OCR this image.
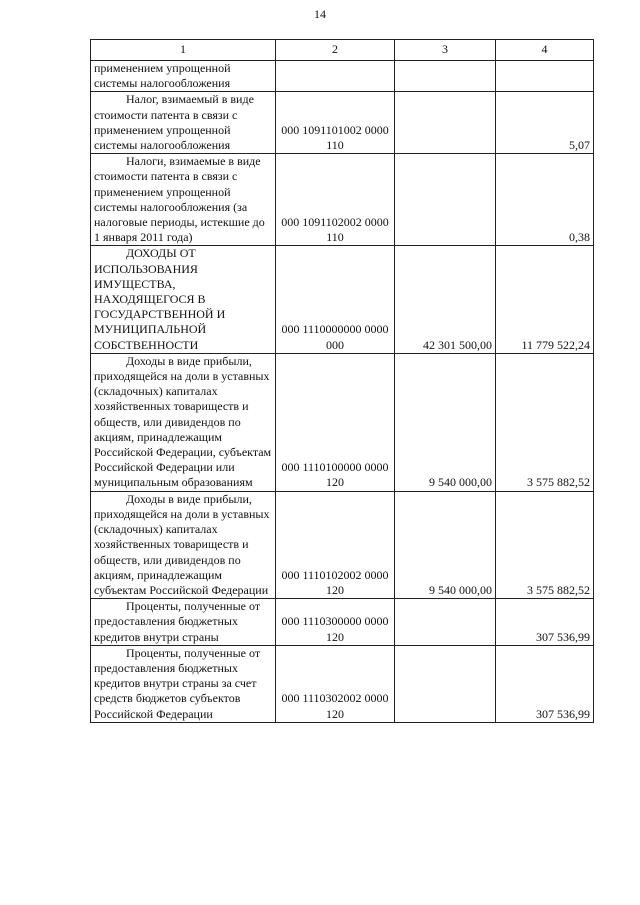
14
1	2	3	4
применением упрощенной системы налогообложения			
Налог, взимаемый в виде стоимости патента в связи с применением упрощенной системы налогообложения	000 1091101002 0000 110		5,07
Налоги, взимаемые в виде стоимости патента в связи с применением упрощенной системы налогообложения (за налоговые периоды, истекшие до 1 января 2011 года)	000 1091102002 0000 110		0,38
ДОХОДЫ ОТ ИСПОЛЬЗОВАНИЯ ИМУЩЕСТВА, НАХОДЯЩЕГОСЯ В ГОСУДАРСТВЕННОЙ И МУНИЦИПАЛЬНОЙ СОБСТВЕННОСТИ	000 1110000000 0000 000	42 301 500,00	11 779 522,24
Доходы в виде прибыли, приходящейся на доли в уставных (складочных) капиталах хозяйственных товариществ и обществ, или дивидендов по акциям, принадлежащим Российской Федерации, субъектам Российской Федерации или муниципальным образованиям	000 1110100000 0000 120	9 540 000,00	3 575 882,52
Доходы в виде прибыли, приходящейся на доли в уставных (складочных) капиталах хозяйственных товариществ и обществ, или дивидендов по акциям, принадлежащим субъектам Российской Федерации	000 1110102002 0000 120	9 540 000,00	3 575 882,52
Проценты, полученные от предоставления бюджетных кредитов внутри страны	000 1110300000 0000 120		307 536,99
Проценты, полученные от предоставления бюджетных кредитов внутри страны за счет средств бюджетов субъектов Российской Федерации	000 1110302002 0000 120		307 536,99
